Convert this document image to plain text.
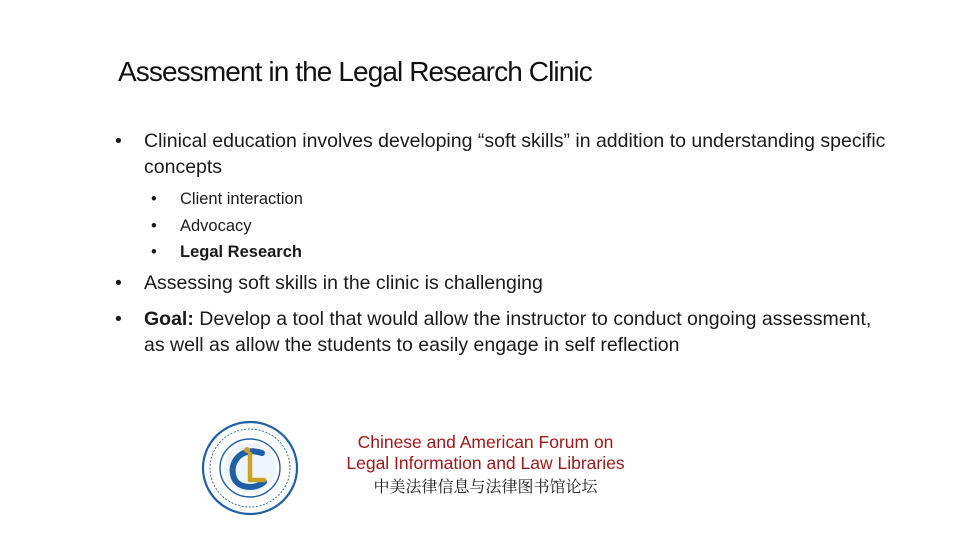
Assessment in the Legal Research Clinic
• Clinical education involves developing “soft skills” in addition to understanding specific concepts
• Client interaction
• Advocacy
• Legal Research
• Assessing soft skills in the clinic is challenging
• Goal: Develop a tool that would allow the instructor to conduct ongoing assessment, as well as allow the students to easily engage in self reflection
Chinese and American Forum on
Legal Information and Law Libraries
中美法律信息与法律图书馆论坛
